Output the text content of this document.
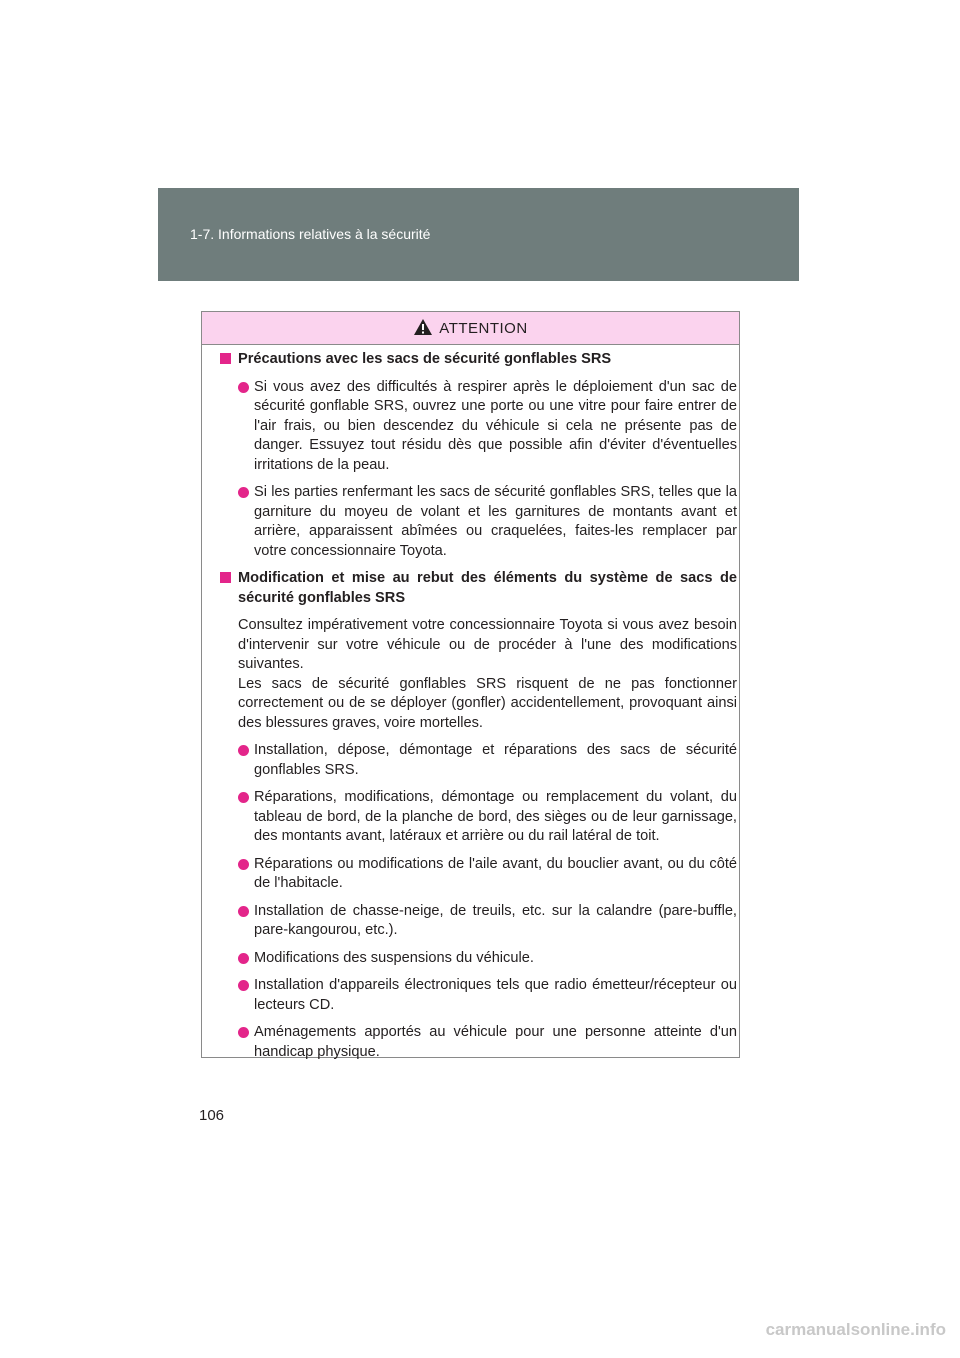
1-7. Informations relatives à la sécurité
ATTENTION
Précautions avec les sacs de sécurité gonflables SRS
Si vous avez des difficultés à respirer après le déploiement d'un sac de sécurité gonflable SRS, ouvrez une porte ou une vitre pour faire entrer de l'air frais, ou bien descendez du véhicule si cela ne présente pas de danger. Essuyez tout résidu dès que possible afin d'éviter d'éventuelles irritations de la peau.
Si les parties renfermant les sacs de sécurité gonflables SRS, telles que la garniture du moyeu de volant et les garnitures de montants avant et arrière, apparaissent abîmées ou craquelées, faites-les remplacer par votre concessionnaire Toyota.
Modification et mise au rebut des éléments du système de sacs de sécurité gonflables SRS
Consultez impérativement votre concessionnaire Toyota si vous avez besoin d'intervenir sur votre véhicule ou de procéder à l'une des modifications suivantes.
Les sacs de sécurité gonflables SRS risquent de ne pas fonctionner correctement ou de se déployer (gonfler) accidentellement, provoquant ainsi des blessures graves, voire mortelles.
Installation, dépose, démontage et réparations des sacs de sécurité gonflables SRS.
Réparations, modifications, démontage ou remplacement du volant, du tableau de bord, de la planche de bord, des sièges ou de leur garnissage, des montants avant, latéraux et arrière ou du rail latéral de toit.
Réparations ou modifications de l'aile avant, du bouclier avant, ou du côté de l'habitacle.
Installation de chasse-neige, de treuils, etc. sur la calandre (pare-buffle, pare-kangourou, etc.).
Modifications des suspensions du véhicule.
Installation d'appareils électroniques tels que radio émetteur/récepteur ou lecteurs CD.
Aménagements apportés au véhicule pour une personne atteinte d'un handicap physique.
106
carmanualsonline.info
